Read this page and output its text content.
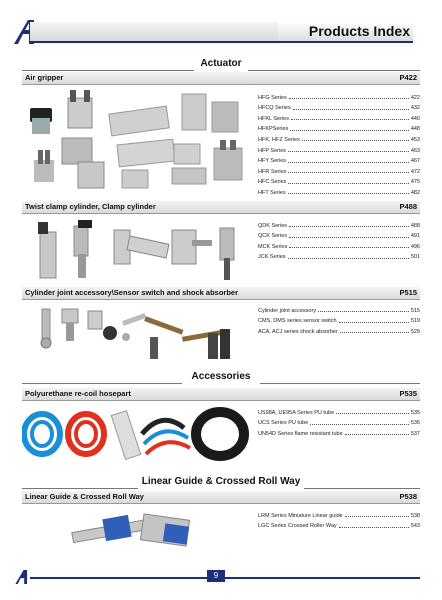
Products Index
Actuator
Air gripper	P422
HFG Series	422
HFCQ Series	432
HFKL Series	440
HFKPSeries	448
HFK, HFZ Series	453
HFP Series	463
HFY Series	467
HFR Series	472
HFC Series	475
HFT Series	482
Twist clamp cylinder, Clamp cylinder	P488
QDK Series	488
QCK Series	491
MCK Series	496
JCK Series	501
Cylinder joint accessory\Sensor switch and shock absorber	P515
Cylinder joint accessory	515
CMS, DMS series sensor switch	519
ACA, ACJ series shock absorber	529
Accessories
Polyurethane re-coil hosepart	P535
US98A, UE95A Series PU tube	535
UCS Series PU tube	536
UN54D Series flame resistant tube	537
Linear Guide & Crossed Roll Way
Linear Guide & Crossed Roll Way	P538
LRM Series Miniature Linear guide	538
LGC Series Crossed Roller Way	543
9
